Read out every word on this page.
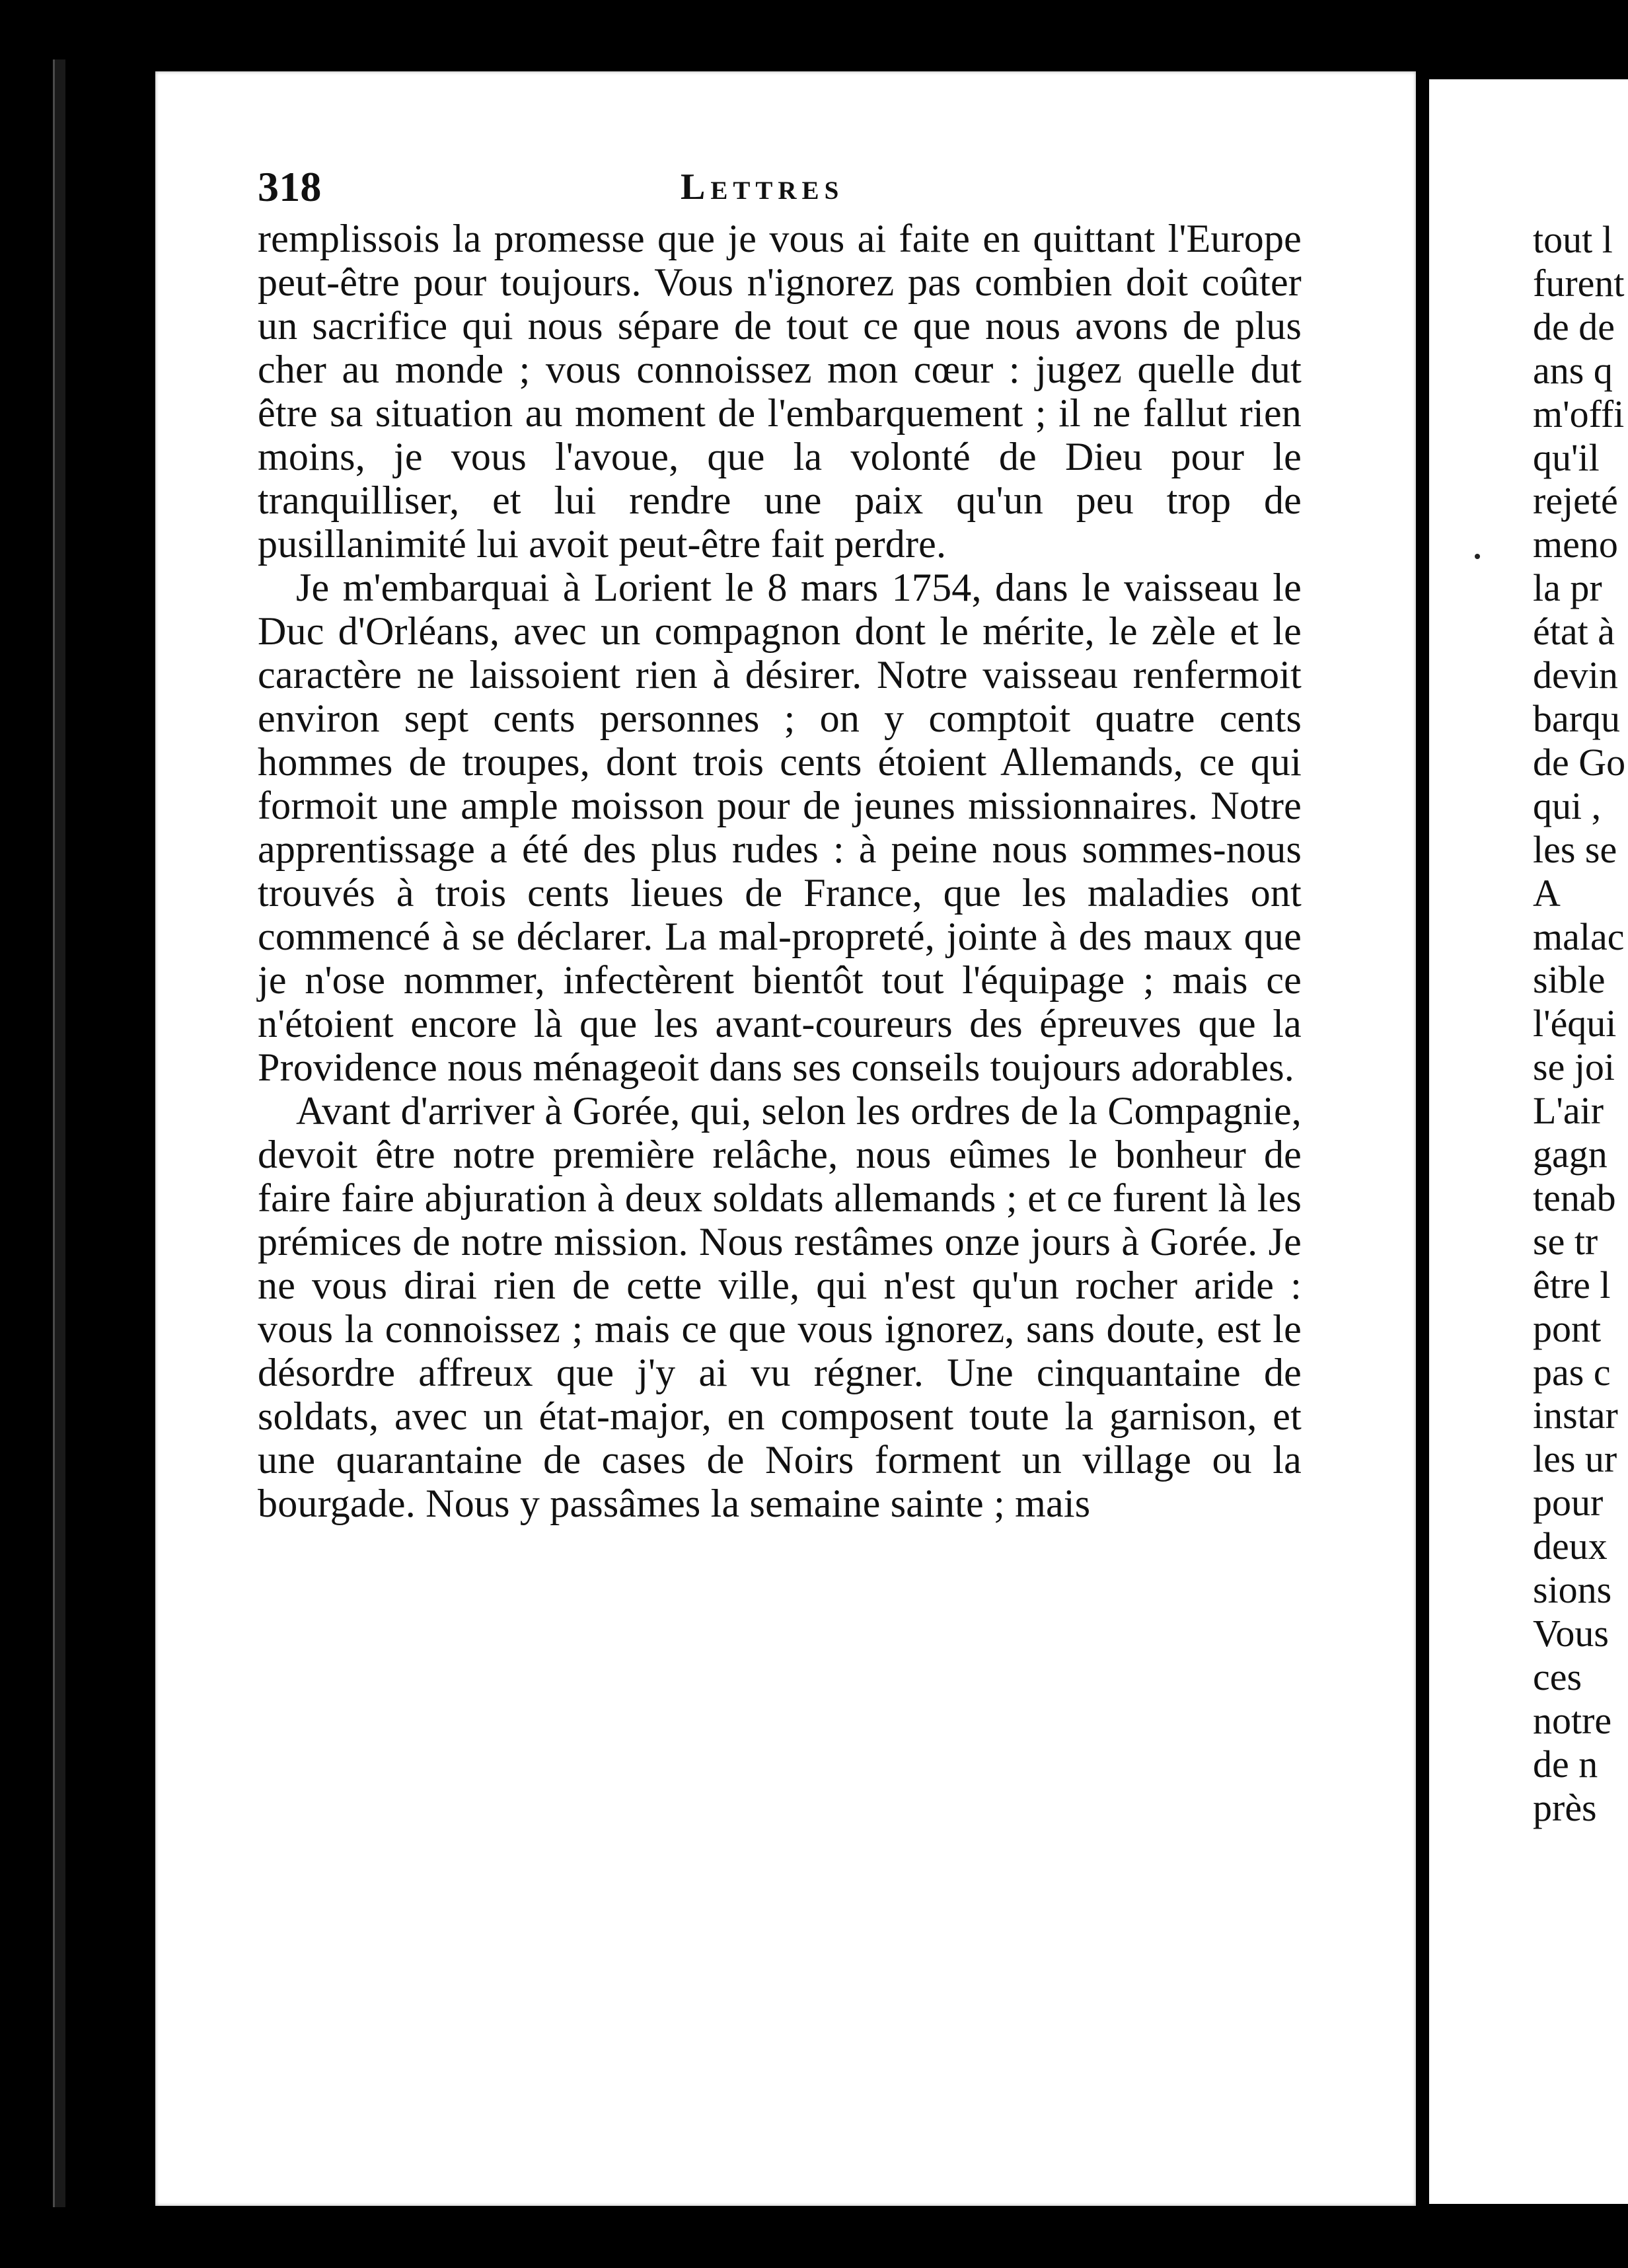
318	Lettres

remplissois la promesse que je vous ai faite en quittant l'Europe peut-être pour toujours. Vous n'ignorez pas combien doit coûter un sacrifice qui nous sépare de tout ce que nous avons de plus cher au monde ; vous connoissez mon cœur : jugez quelle dut être sa situation au moment de l'embarquement ; il ne fallut rien moins, je vous l'avoue, que la volonté de Dieu pour le tranquilliser, et lui rendre une paix qu'un peu trop de pusillanimité lui avoit peut-être fait perdre.

Je m'embarquai à Lorient le 8 mars 1754, dans le vaisseau le Duc d'Orléans, avec un compagnon dont le mérite, le zèle et le caractère ne laissoient rien à désirer. Notre vaisseau renfermoit environ sept cents personnes ; on y comptoit quatre cents hommes de troupes, dont trois cents étoient Allemands, ce qui formoit une ample moisson pour de jeunes missionnaires. Notre apprentissage a été des plus rudes : à peine nous sommes-nous trouvés à trois cents lieues de France, que les maladies ont commencé à se déclarer. La mal-propreté, jointe à des maux que je n'ose nommer, infectèrent bientôt tout l'équipage ; mais ce n'étoient encore là que les avant-coureurs des épreuves que la Providence nous ménageoit dans ses conseils toujours adorables.

Avant d'arriver à Gorée, qui, selon les ordres de la Compagnie, devoit être notre première relâche, nous eûmes le bonheur de faire faire abjuration à deux soldats allemands ; et ce furent là les prémices de notre mission. Nous restâmes onze jours à Gorée. Je ne vous dirai rien de cette ville, qui n'est qu'un rocher aride : vous la connoissez ; mais ce que vous ignorez, sans doute, est le désordre affreux que j'y ai vu régner. Une cinquantaine de soldats, avec un état-major, en composent toute la garnison, et une quarantaine de cases de Noirs forment un village ou la bourgade. Nous y passâmes la semaine sainte ; mais

tout l
furent
de de
ans q
m'offi
qu'il
rejeté
meno
la pr
état à
devin
barqu
de Go
qui ,
les se
A
malac
sible
l'équi
se joi
L'air
gagn
tenab
se tr
être l
pont
pas c
instar
les ur
pour
deux
sions
Vous
ces
notre
de n
près
